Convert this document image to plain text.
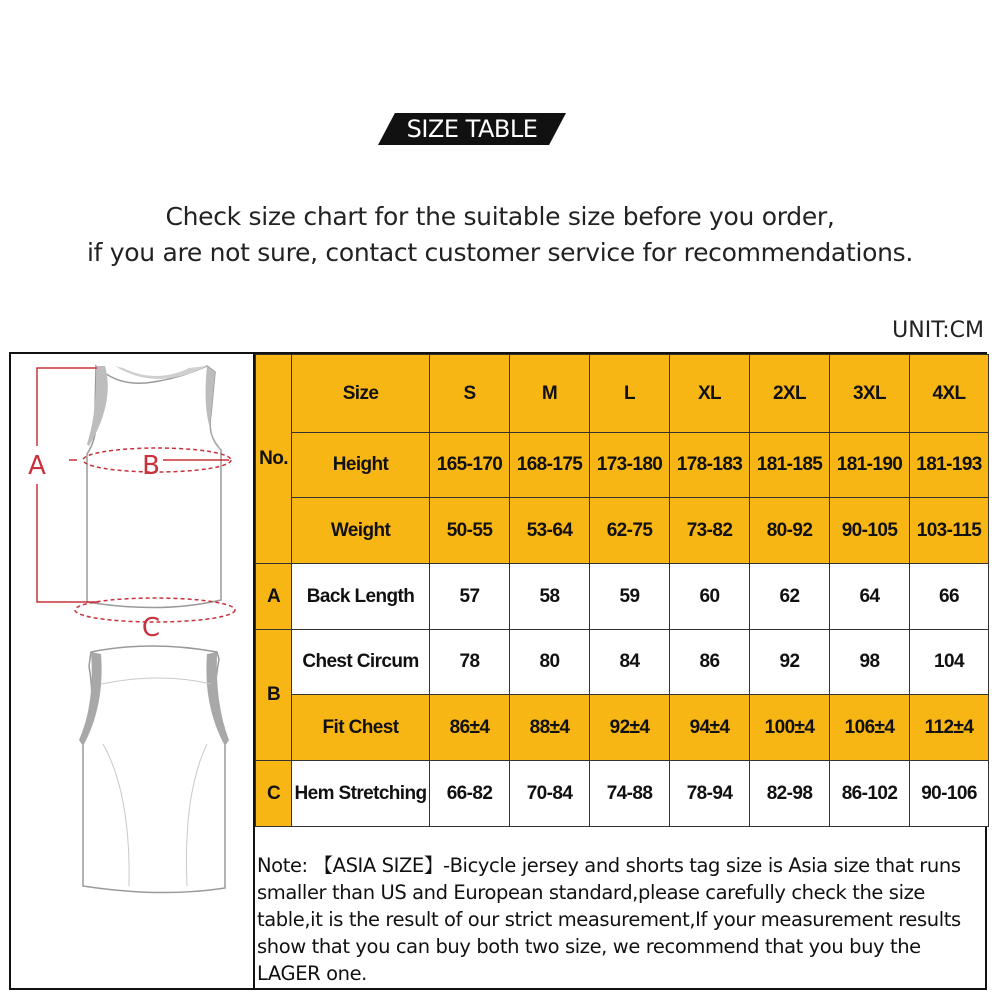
SIZE TABLE
Check size chart for the suitable size before you order,
if you are not sure, contact customer service for recommendations.
UNIT:CM
A	B
C
No.	Size	S	M	L	XL	2XL	3XL	4XL
	Height	165-170	168-175	173-180	178-183	181-185	181-190	181-193
	Weight	50-55	53-64	62-75	73-82	80-92	90-105	103-115
A	Back Length	57	58	59	60	62	64	66
B	Chest Circum	78	80	84	86	92	98	104
	Fit Chest	86±4	88±4	92±4	94±4	100±4	106±4	112±4
C	Hem Stretching	66-82	70-84	74-88	78-94	82-98	86-102	90-106
Note: 【ASIA SIZE】-Bicycle jersey and shorts tag size is Asia size that runs smaller than US and European standard,please carefully check the size table,it is the result of our strict measurement,If your measurement results show that you can buy both two size, we recommend that you buy the LAGER one.
